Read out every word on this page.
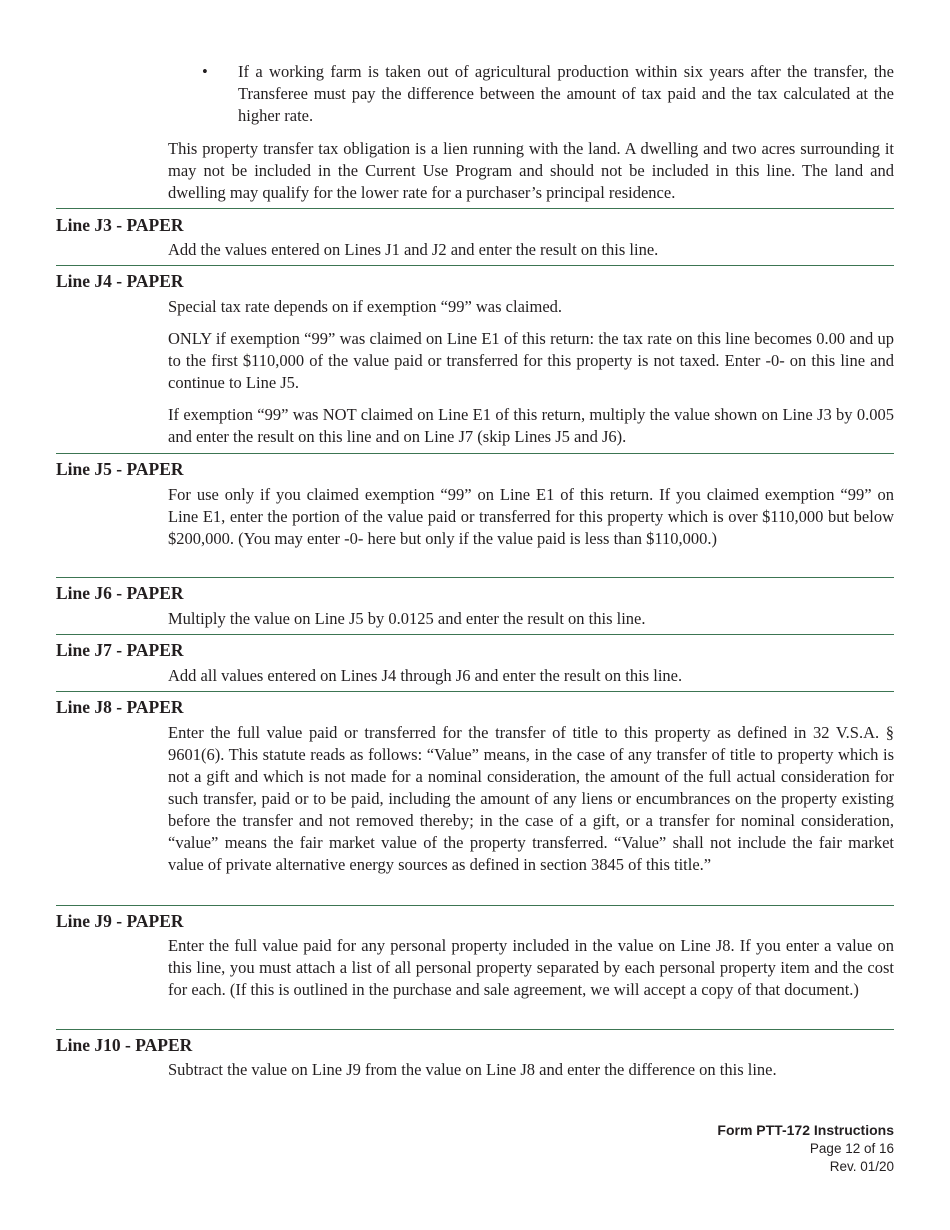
• If a working farm is taken out of agricultural production within six years after the transfer, the Transferee must pay the difference between the amount of tax paid and the tax calculated at the higher rate.

This property transfer tax obligation is a lien running with the land. A dwelling and two acres surrounding it may not be included in the Current Use Program and should not be included in this line. The land and dwelling may qualify for the lower rate for a purchaser’s principal residence.

Line J3 - PAPER

Add the values entered on Lines J1 and J2 and enter the result on this line.

Line J4 - PAPER

Special tax rate depends on if exemption “99” was claimed.

ONLY if exemption “99” was claimed on Line E1 of this return: the tax rate on this line becomes 0.00 and up to the first $110,000 of the value paid or transferred for this property is not taxed. Enter -0- on this line and continue to Line J5.

If exemption “99” was NOT claimed on Line E1 of this return, multiply the value shown on Line J3 by 0.005 and enter the result on this line and on Line J7 (skip Lines J5 and J6).

Line J5 - PAPER

For use only if you claimed exemption “99” on Line E1 of this return. If you claimed exemption “99” on Line E1, enter the portion of the value paid or transferred for this property which is over $110,000 but below $200,000. (You may enter -0- here but only if the value paid is less than $110,000.)

Line J6 - PAPER

Multiply the value on Line J5 by 0.0125 and enter the result on this line.

Line J7 - PAPER

Add all values entered on Lines J4 through J6 and enter the result on this line.

Line J8 - PAPER

Enter the full value paid or transferred for the transfer of title to this property as defined in 32 V.S.A. § 9601(6). This statute reads as follows: “Value” means, in the case of any transfer of title to property which is not a gift and which is not made for a nominal consideration, the amount of the full actual consideration for such transfer, paid or to be paid, including the amount of any liens or encumbrances on the property existing before the transfer and not removed thereby; in the case of a gift, or a transfer for nominal consideration, “value” means the fair market value of the property transferred. “Value” shall not include the fair market value of private alternative energy sources as defined in section 3845 of this title.”

Line J9 - PAPER

Enter the full value paid for any personal property included in the value on Line J8. If you enter a value on this line, you must attach a list of all personal property separated by each personal property item and the cost for each. (If this is outlined in the purchase and sale agreement, we will accept a copy of that document.)

Line J10 - PAPER

Subtract the value on Line J9 from the value on Line J8 and enter the difference on this line.

Form PTT-172 Instructions
Page 12 of 16
Rev. 01/20
